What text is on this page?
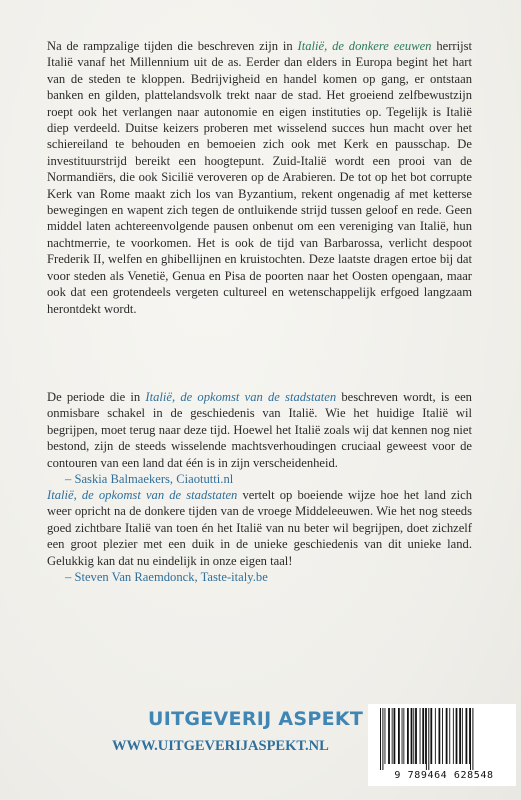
Na de rampzalige tijden die beschreven zijn in Italië, de donkere eeuwen herrijst Italië vanaf het Millennium uit de as. Eerder dan elders in Europa begint het hart van de steden te kloppen. Bedrijvigheid en handel komen op gang, er ontstaan banken en gilden, plattelandsvolk trekt naar de stad. Het groeiend zelfbewustzijn roept ook het verlangen naar autonomie en eigen instituties op. Tegelijk is Italië diep verdeeld. Duitse keizers proberen met wisselend succes hun macht over het schiereiland te behouden en bemoeien zich ook met Kerk en pausschap. De investituurstrijd bereikt een hoogtepunt. Zuid-Italië wordt een prooi van de Normandiërs, die ook Sicilië veroveren op de Arabieren. De tot op het bot corrupte Kerk van Rome maakt zich los van Byzantium, rekent ongenadig af met ketterse bewegingen en wapent zich tegen de ontluikende strijd tussen geloof en rede. Geen middel laten achtereenvolgende pausen onbenut om een vereniging van Italië, hun nachtmerrie, te voorkomen. Het is ook de tijd van Barbarossa, verlicht despoot Frederik II, welfen en ghibellijnen en kruistochten. Deze laatste dragen ertoe bij dat voor steden als Venetië, Genua en Pisa de poorten naar het Oosten opengaan, maar ook dat een grotendeels vergeten cultureel en wetenschappelijk erfgoed langzaam herontdekt wordt.

De periode die in Italië, de opkomst van de stadstaten beschreven wordt, is een onmisbare schakel in de geschiedenis van Italië. Wie het huidige Italië wil begrijpen, moet terug naar deze tijd. Hoewel het Italië zoals wij dat kennen nog niet bestond, zijn de steeds wisselende machtsverhoudingen cruciaal geweest voor de contouren van een land dat één is in zijn verscheidenheid.
– Saskia Balmaekers, Ciaotutti.nl

Italië, de opkomst van de stadstaten vertelt op boeiende wijze hoe het land zich weer opricht na de donkere tijden van de vroege Middeleeuwen. Wie het nog steeds goed zichtbare Italië van toen én het Italië van nu beter wil begrijpen, doet zichzelf een groot plezier met een duik in de unieke geschiedenis van dit unieke land. Gelukkig kan dat nu eindelijk in onze eigen taal!
– Steven Van Raemdonck, Taste-italy.be

UITGEVERIJ ASPEKT
WWW.UITGEVERIJASPEKT.NL
9 789464 628548
